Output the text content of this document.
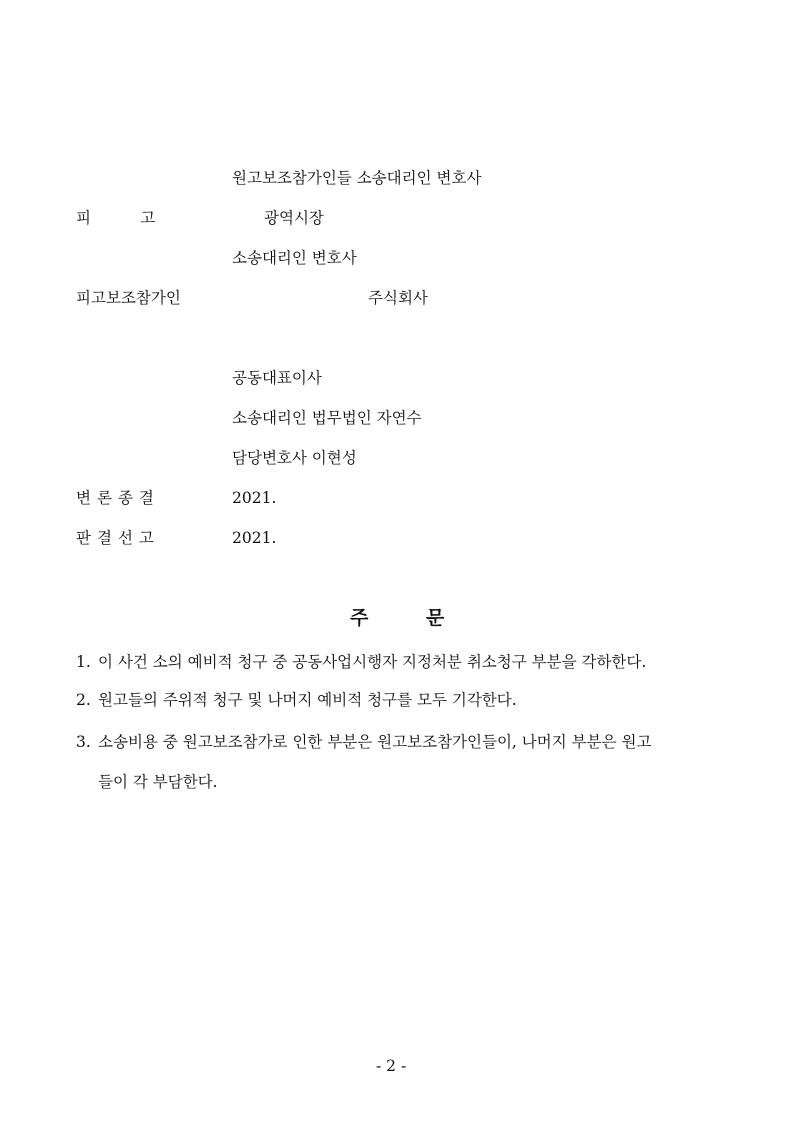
원고보조참가인들 소송대리인 변호사
피          고	광역시장
소송대리인 변호사
피고보조참가인	주식회사
공동대표이사
소송대리인 법무법인 자연수
담당변호사 이현성
변론종결	2021.
판결선고	2021.
주	문
1. 이 사건 소의 예비적 청구 중 공동사업시행자 지정처분 취소청구 부분을 각하한다.
2. 원고들의 주위적 청구 및 나머지 예비적 청구를 모두 기각한다.
3. 소송비용 중 원고보조참가로 인한 부분은 원고보조참가인들이, 나머지 부분은 원고
들이 각 부담한다.
- 2 -
